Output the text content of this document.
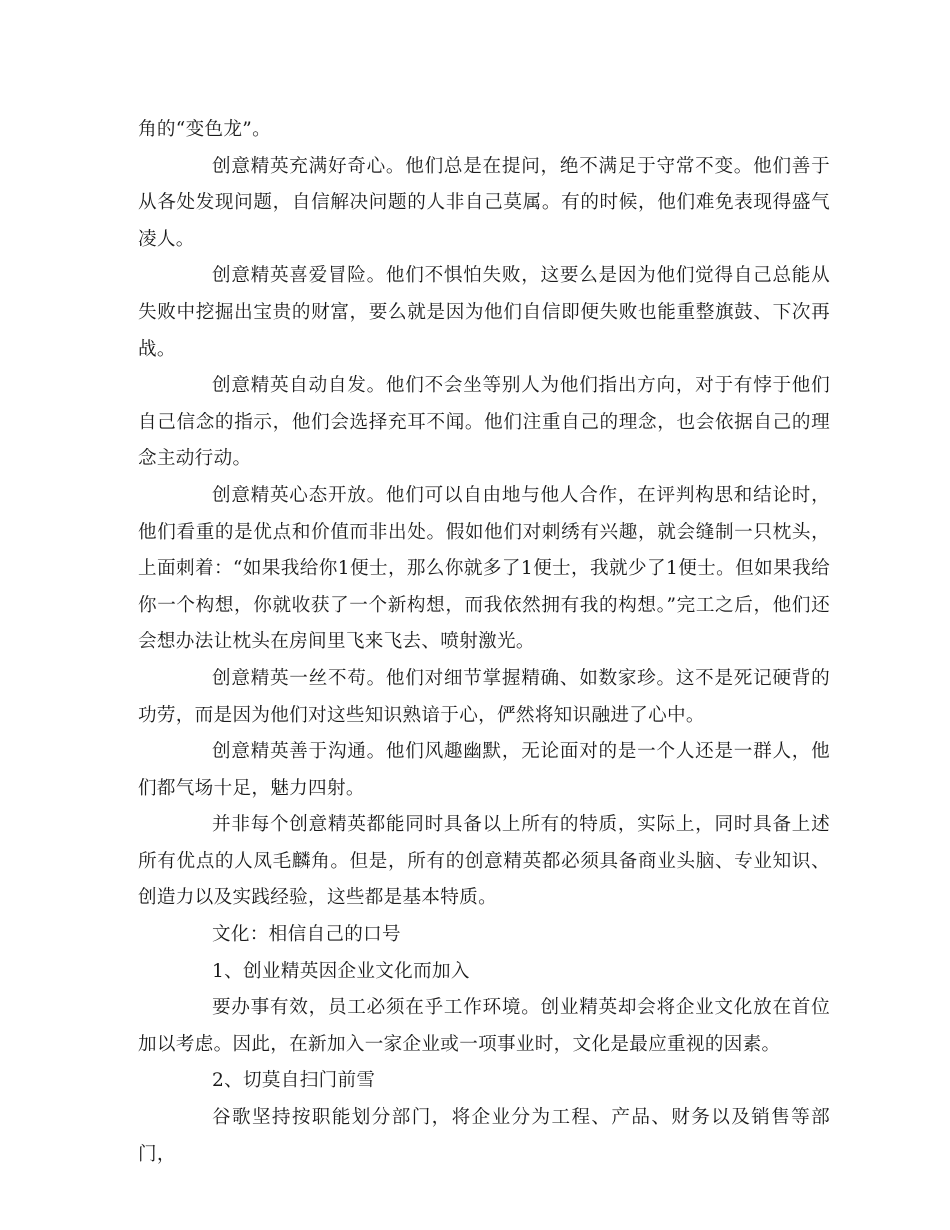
角的“变色龙”。

创意精英充满好奇心。他们总是在提问，绝不满足于守常不变。他们善于从各处发现问题，自信解决问题的人非自己莫属。有的时候，他们难免表现得盛气凌人。

创意精英喜爱冒险。他们不惧怕失败，这要么是因为他们觉得自己总能从失败中挖掘出宝贵的财富，要么就是因为他们自信即便失败也能重整旗鼓、下次再战。

创意精英自动自发。他们不会坐等别人为他们指出方向，对于有悖于他们自己信念的指示，他们会选择充耳不闻。他们注重自己的理念，也会依据自己的理念主动行动。

创意精英心态开放。他们可以自由地与他人合作，在评判构思和结论时，他们看重的是优点和价值而非出处。假如他们对刺绣有兴趣，就会缝制一只枕头，上面刺着：“如果我给你1便士，那么你就多了1便士，我就少了1便士。但如果我给你一个构想，你就收获了一个新构想，而我依然拥有我的构想。”完工之后，他们还会想办法让枕头在房间里飞来飞去、喷射激光。

创意精英一丝不苟。他们对细节掌握精确、如数家珍。这不是死记硬背的功劳，而是因为他们对这些知识熟谙于心，俨然将知识融进了心中。

创意精英善于沟通。他们风趣幽默，无论面对的是一个人还是一群人，他们都气场十足，魅力四射。

并非每个创意精英都能同时具备以上所有的特质，实际上，同时具备上述所有优点的人凤毛麟角。但是，所有的创意精英都必须具备商业头脑、专业知识、创造力以及实践经验，这些都是基本特质。

文化：相信自己的口号

1、创业精英因企业文化而加入

要办事有效，员工必须在乎工作环境。创业精英却会将企业文化放在首位加以考虑。因此，在新加入一家企业或一项事业时，文化是最应重视的因素。

2、切莫自扫门前雪

谷歌坚持按职能划分部门，将企业分为工程、产品、财务以及销售等部门，
